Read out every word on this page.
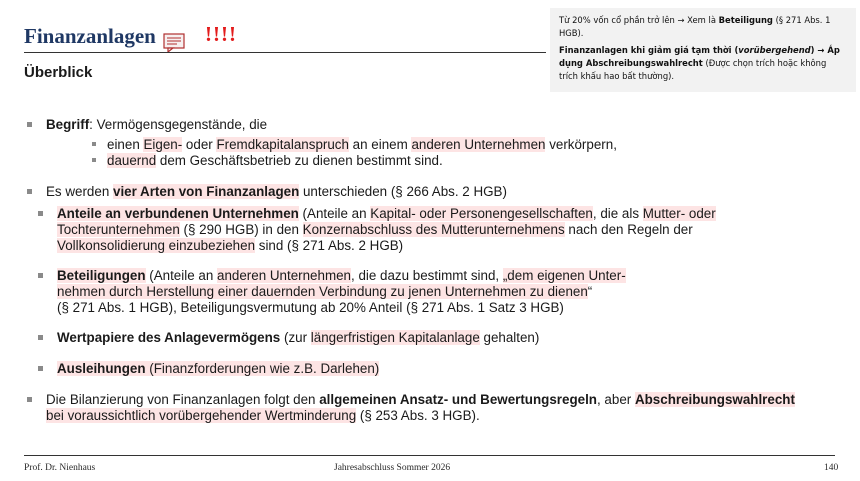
Finanzanlagen !!!!
Überblick

Từ 20% vốn cổ phần trở lên → Xem là Beteiligung (§ 271 Abs. 1 HGB).

Finanzanlagen khi giảm giá tạm thời (vorübergehend) → Áp dụng Abschreibungswahlrecht (Được chọn trích hoặc không trích khấu hao bất thường).

Begriff: Vermögensgegenstände, die
einen Eigen- oder Fremdkapitalanspruch an einem anderen Unternehmen verkörpern,
dauernd dem Geschäftsbetrieb zu dienen bestimmt sind.
Es werden vier Arten von Finanzanlagen unterschieden (§ 266 Abs. 2 HGB)
Anteile an verbundenen Unternehmen (Anteile an Kapital- oder Personengesellschaften, die als Mutter- oder
Tochterunternehmen (§ 290 HGB) in den Konzernabschluss des Mutterunternehmens nach den Regeln der
Vollkonsolidierung einzubeziehen sind (§ 271 Abs. 2 HGB)
Beteiligungen (Anteile an anderen Unternehmen, die dazu bestimmt sind, „dem eigenen Unter-
nehmen durch Herstellung einer dauernden Verbindung zu jenen Unternehmen zu dienen“
(§ 271 Abs. 1 HGB), Beteiligungsvermutung ab 20% Anteil (§ 271 Abs. 1 Satz 3 HGB)
Wertpapiere des Anlagevermögens (zur längerfristigen Kapitalanlage gehalten)
Ausleihungen (Finanzforderungen wie z.B. Darlehen)
Die Bilanzierung von Finanzanlagen folgt den allgemeinen Ansatz- und Bewertungsregeln, aber Abschreibungswahlrecht
bei voraussichtlich vorübergehender Wertminderung (§ 253 Abs. 3 HGB).
Prof. Dr. Nienhaus	Jahresabschluss Sommer 2026	140
